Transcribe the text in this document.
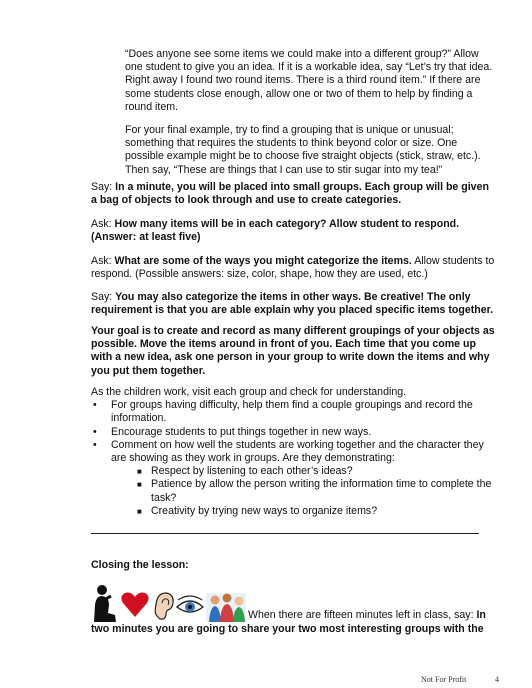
“Does anyone see some items we could make into a different group?” Allow one student to give you an idea. If it is a workable idea, say “Let’s try that idea. Right away I found two round items. There is a third round item.” If there are some students close enough, allow one or two of them to help by finding a round item.
For your final example, try to find a grouping that is unique or unusual; something that requires the students to think beyond color or size. One possible example might be to choose five straight objects (stick, straw, etc.). Then say, “These are things that I can use to stir sugar into my tea!”
Say: In a minute, you will be placed into small groups. Each group will be given a bag of objects to look through and use to create categories.
Ask: How many items will be in each category? Allow student to respond. (Answer: at least five)
Ask: What are some of the ways you might categorize the items. Allow students to respond. (Possible answers: size, color, shape, how they are used, etc.)
Say: You may also categorize the items in other ways. Be creative! The only requirement is that you are able explain why you placed specific items together.
Your goal is to create and record as many different groupings of your objects as possible. Move the items around in front of you. Each time that you come up with a new idea, ask one person in your group to write down the items and why you put them together.
As the children work, visit each group and check for understanding.
• For groups having difficulty, help them find a couple groupings and record the information.
• Encourage students to put things together in new ways.
• Comment on how well the students are working together and the character they are showing as they work in groups. Are they demonstrating:
■ Respect by listening to each other’s ideas?
■ Patience by allow the person writing the information time to complete the task?
■ Creativity by trying new ways to organize items?
Closing the lesson:
When there are fifteen minutes left in class, say: In
two minutes you are going to share your two most interesting groups with the
Not For Profit	4
